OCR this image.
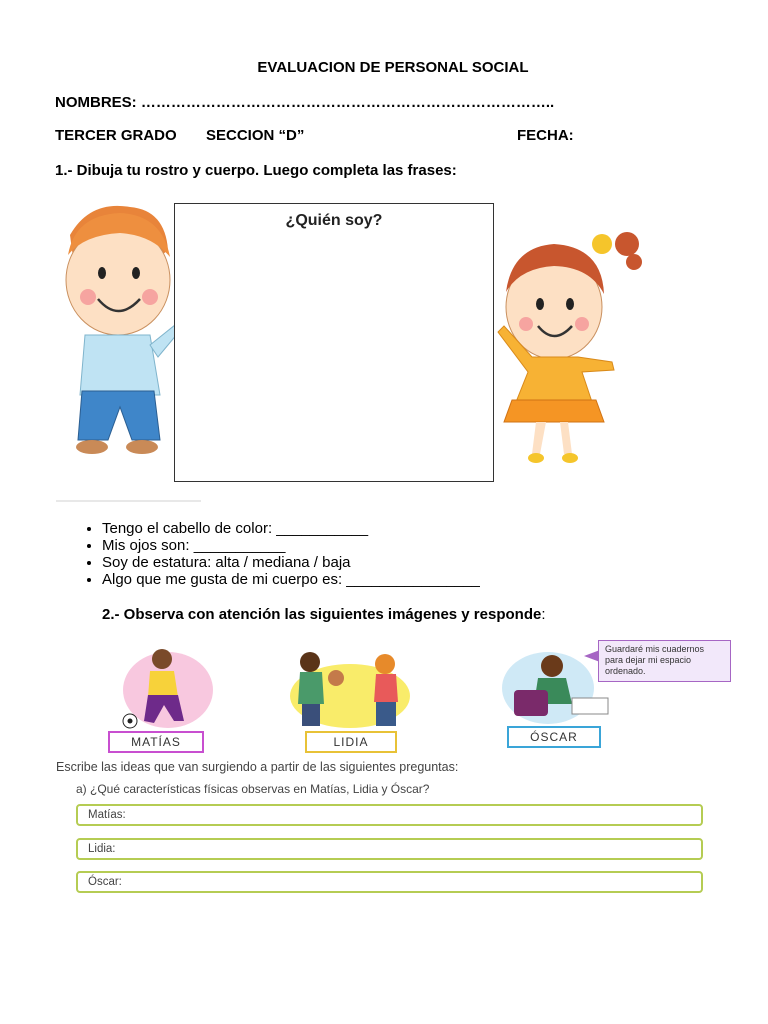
EVALUACION DE PERSONAL SOCIAL
NOMBRES: ………………………………………………………………………..
TERCER GRADO SECCION “D”	FECHA:
1.- Dibuja tu rostro y cuerpo. Luego completa las frases:
¿Quién soy?
• Tengo el cabello de color: ___________
• Mis ojos son: ___________
• Soy de estatura: alta / mediana / baja
• Algo que me gusta de mi cuerpo es: ________________
2.- Observa con atención las siguientes imágenes y responde:
MATÍAS	LIDIA	ÓSCAR
Guardaré mis cuadernos para dejar mi espacio ordenado.
Escribe las ideas que van surgiendo a partir de las siguientes preguntas:
a) ¿Qué características físicas observas en Matías, Lidia y Óscar?
Matías:
Lidia:
Óscar:
